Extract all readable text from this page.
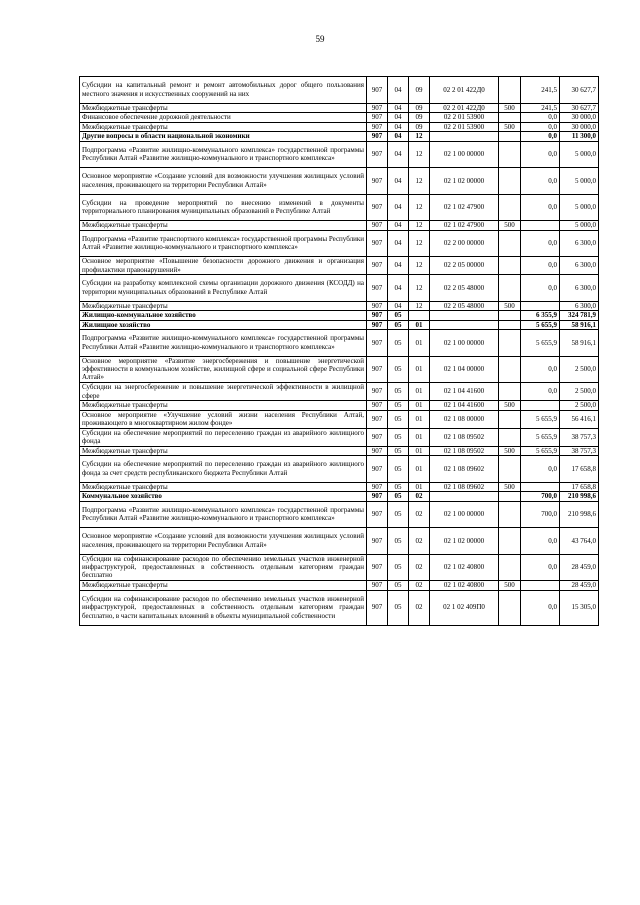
59
Субсидии на капитальный ремонт и ремонт автомобильных дорог общего пользования местного значения и искусственных сооружений на них	907	04	09	02 2 01 422Д0		241,5	30 627,7
Межбюджетные трансферты	907	04	09	02 2 01 422Д0	500	241,5	30 627,7
Финансовое обеспечение дорожной деятельности	907	04	09	02 2 01 53900		0,0	30 000,0
Межбюджетные трансферты	907	04	09	02 2 01 53900	500	0,0	30 000,0
Другие вопросы в области национальной экономики	907	04	12			0,0	11 300,0
Подпрограмма «Развитие жилищно-коммунального комплекса» государственной программы Республики Алтай «Развитие жилищно-коммунального и транспортного комплекса»	907	04	12	02 1 00 00000		0,0	5 000,0
Основное мероприятие «Создание условий для возможности улучшения жилищных условий населения, проживающего на территории Республики Алтай»	907	04	12	02 1 02 00000		0,0	5 000,0
Субсидии на проведение мероприятий по внесению изменений в документы территориального планирования муниципальных образований в Республике Алтай	907	04	12	02 1 02 47900		0,0	5 000,0
Межбюджетные трансферты	907	04	12	02 1 02 47900	500		5 000,0
Подпрограмма «Развитие транспортного комплекса» государственной программы Республики Алтай «Развитие жилищно-коммунального и транспортного комплекса»	907	04	12	02 2 00 00000		0,0	6 300,0
Основное мероприятие «Повышение безопасности дорожного движения и организация профилактики правонарушений»	907	04	12	02 2 05 00000		0,0	6 300,0
Субсидии на разработку комплексной схемы организации дорожного движения (КСОДД) на территории муниципальных образований в Республике Алтай	907	04	12	02 2 05 48000		0,0	6 300,0
Межбюджетные трансферты	907	04	12	02 2 05 48000	500		6 300,0
Жилищно-коммунальное хозяйство	907	05				6 355,9	324 781,9
Жилищное хозяйство	907	05	01			5 655,9	58 916,1
Подпрограмма «Развитие жилищно-коммунального комплекса» государственной программы Республики Алтай «Развитие жилищно-коммунального и транспортного комплекса»	907	05	01	02 1 00 00000		5 655,9	58 916,1
Основное мероприятие «Развитие энергосбережения и повышение энергетической эффективности в коммунальном хозяйстве, жилищной сфере и социальной сфере Республики Алтай»	907	05	01	02 1 04 00000		0,0	2 500,0
Субсидии на энергосбережение и повышение энергетической эффективности в жилищной сфере	907	05	01	02 1 04 41600		0,0	2 500,0
Межбюджетные трансферты	907	05	01	02 1 04 41600	500		2 500,0
Основное мероприятие «Улучшение условий жизни населения Республики Алтай, проживающего в многоквартирном жилом фонде»	907	05	01	02 1 08 00000		5 655,9	56 416,1
Субсидии на обеспечение мероприятий по переселению граждан из аварийного жилищного фонда	907	05	01	02 1 08 09502		5 655,9	38 757,3
Межбюджетные трансферты	907	05	01	02 1 08 09502	500	5 655,9	38 757,3
Субсидии на обеспечение мероприятий по переселению граждан из аварийного жилищного фонда за счет средств республиканского бюджета Республики Алтай	907	05	01	02 1 08 09602		0,0	17 658,8
Межбюджетные трансферты	907	05	01	02 1 08 09602	500		17 658,8
Коммунальное хозяйство	907	05	02			700,0	210 998,6
Подпрограмма «Развитие жилищно-коммунального комплекса» государственной программы Республики Алтай «Развитие жилищно-коммунального и транспортного комплекса»	907	05	02	02 1 00 00000		700,0	210 998,6
Основное мероприятие «Создание условий для возможности улучшения жилищных условий населения, проживающего на территории Республики Алтай»	907	05	02	02 1 02 00000		0,0	43 764,0
Субсидии на софинансирование расходов по обеспечению земельных участков инженерной инфраструктурой, предоставленных в собственность отдельным категориям граждан бесплатно	907	05	02	02 1 02 40800		0,0	28 459,0
Межбюджетные трансферты	907	05	02	02 1 02 40800	500		28 459,0
Субсидии на софинансирование расходов по обеспечению земельных участков инженерной инфраструктурой, предоставленных в собственность отдельным категориям граждан бесплатно, в части капитальных вложений в объекты муниципальной собственности	907	05	02	02 1 02 409П0		0,0	15 305,0
